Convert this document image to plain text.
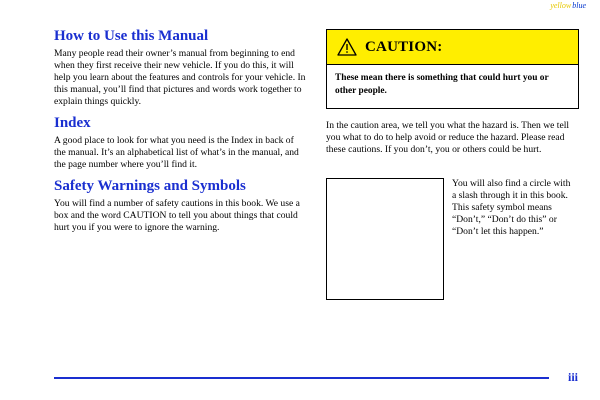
yellowblue
How to Use this Manual

Many people read their owner’s manual from beginning to end when they first receive their new vehicle. If you do this, it will help you learn about the features and controls for your vehicle. In this manual, you’ll find that pictures and words work together to explain things quickly.

Index

A good place to look for what you need is the Index in back of the manual. It’s an alphabetical list of what’s in the manual, and the page number where you’ll find it.

Safety Warnings and Symbols

You will find a number of safety cautions in this book. We use a box and the word CAUTION to tell you about things that could hurt you if you were to ignore the warning.

CAUTION:
These mean there is something that could hurt you or other people.

In the caution area, we tell you what the hazard is. Then we tell you what to do to help avoid or reduce the hazard. Please read these cautions. If you don’t, you or others could be hurt.

You will also find a circle with a slash through it in this book. This safety symbol means “Don’t,” “Don’t do this” or “Don’t let this happen.”

iii
